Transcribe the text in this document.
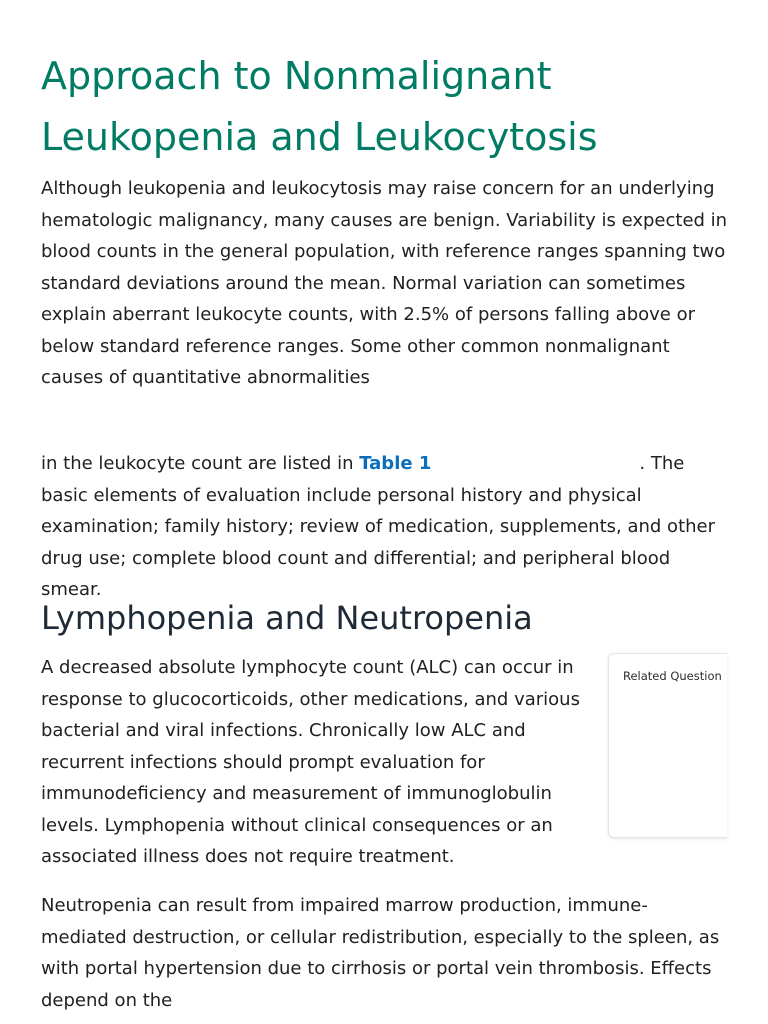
Approach to Nonmalignant Leukopenia and Leukocytosis

Although leukopenia and leukocytosis may raise concern for an underlying hematologic malignancy, many causes are benign. Variability is expected in blood counts in the general population, with reference ranges spanning two standard deviations around the mean. Normal variation can sometimes explain aberrant leukocyte counts, with 2.5% of persons falling above or below standard reference ranges. Some other common nonmalignant causes of quantitative abnormalities

in the leukocyte count are listed in Table 1	. The basic elements of evaluation include personal history and physical examination; family history; review of medication, supplements, and other drug use; complete blood count and differential; and peripheral blood smear.

Lymphopenia and Neutropenia

A decreased absolute lymphocyte count (ALC) can occur in response to glucocorticoids, other medications, and various bacterial and viral infections. Chronically low ALC and recurrent infections should prompt evaluation for immunodeficiency and measurement of immunoglobulin levels. Lymphopenia without clinical consequences or an associated illness does not require treatment.

Neutropenia can result from impaired marrow production, immune-mediated destruction, or cellular redistribution, especially to the spleen, as with portal hypertension due to cirrhosis or portal vein thrombosis. Effects depend on the

Related Question
